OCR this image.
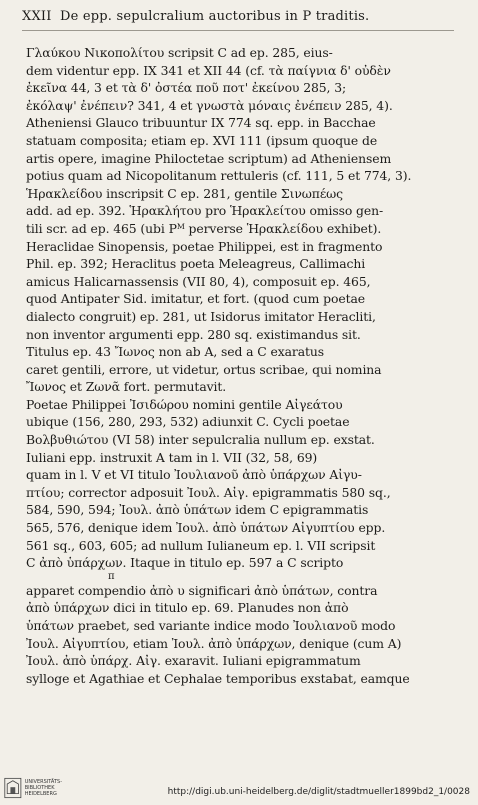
XXII De epp. sepulcralium auctoribus in P traditis.
Γλαύκου Νικοπολίτου scripsit C ad ep. 285, eius-
dem videntur epp. IX 341 et XII 44 (cf. τὰ παίγνια δ' οὐδὲν
ἐκεῖνα 44, 3 et τὰ δ' ὀστέα ποῦ ποτ' ἐκείνου 285, 3;
ἐκόλαψ' ἐνέπειν? 341, 4 et γνωστὰ μόναις ἐνέπειν 285, 4).
Atheniensi Glauco tribuuntur IX 774 sq. epp. in Bacchae
statuam composita; etiam ep. XVI 111 (ipsum quoque de
artis opere, imagine Philoctetae scriptum) ad Atheniensem
potius quam ad Nicopolitanum rettuleris (cf. 111, 5 et 774, 3).
Ἡρακλείδου inscripsit C ep. 281, gentile Σινωπέως
add. ad ep. 392. Ἡρακλήτου pro Ἡρακλείτου omisso gen-
tili scr. ad ep. 465 (ubi Pᴹ perverse Ἡρακλείδου exhibet).
Heraclidae Sinopensis, poetae Philippei, est in fragmento
Phil. ep. 392; Heraclitus poeta Meleagreus, Callimachi
amicus Halicarnassensis (VII 80, 4), composuit ep. 465,
quod Antipater Sid. imitatur, et fort. (quod cum poetae
dialecto congruit) ep. 281, ut Isidorus imitator Heracliti,
non inventor argumenti epp. 280 sq. existimandus sit.
Titulus ep. 43 Ἴωνος non ab A, sed a C exaratus
caret gentili, errore, ut videtur, ortus scribae, qui nomina
Ἴωνος et Ζωνᾶ fort. permutavit.
Poetae Philippei Ἰσιδώρου nomini gentile Αἰγεάτου
ubique (156, 280, 293, 532) adiunxit C. Cycli poetae
Βολβυθιώτου (VI 58) inter sepulcralia nullum ep. exstat.
Iuliani epp. instruxit A tam in l. VII (32, 58, 69)
quam in l. V et VI titulo Ἰουλιανοῦ ἀπὸ ὑπάρχων Αἰγυ-
πτίου; corrector adposuit Ἰουλ. Αἰγ. epigrammatis 580 sq.,
584, 590, 594; Ἰουλ. ἀπὸ ὑπάτων idem C epigrammatis
565, 576, denique idem Ἰουλ. ἀπὸ ὑπάτων Αἰγυπτίου epp.
561 sq., 603, 605; ad nullum Iulianeum ep. l. VII scripsit
C ἀπὸ ὑπάρχων. Itaque in titulo ep. 597 a C scripto
π
apparet compendio ἀπὸ υ significari ἀπὸ ὑπάτων, contra
ἀπὸ ὑπάρχων dici in titulo ep. 69. Planudes non ἀπὸ
ὑπάτων praebet, sed variante indice modo Ἰουλιανοῦ modo
Ἰουλ. Αἰγυπτίου, etiam Ἰουλ. ἀπὸ ὑπάρχων, denique (cum A)
Ἰουλ. ἀπὸ ὑπάρχ. Αἰγ. exaravit. Iuliani epigrammatum
sylloge et Agathiae et Cephalae temporibus exstabat, eamque
UNIVERSITÄTS-
BIBLIOTHEK
HEIDELBERG	http://digi.ub.uni-heidelberg.de/diglit/stadtmueller1899bd2_1/0028
